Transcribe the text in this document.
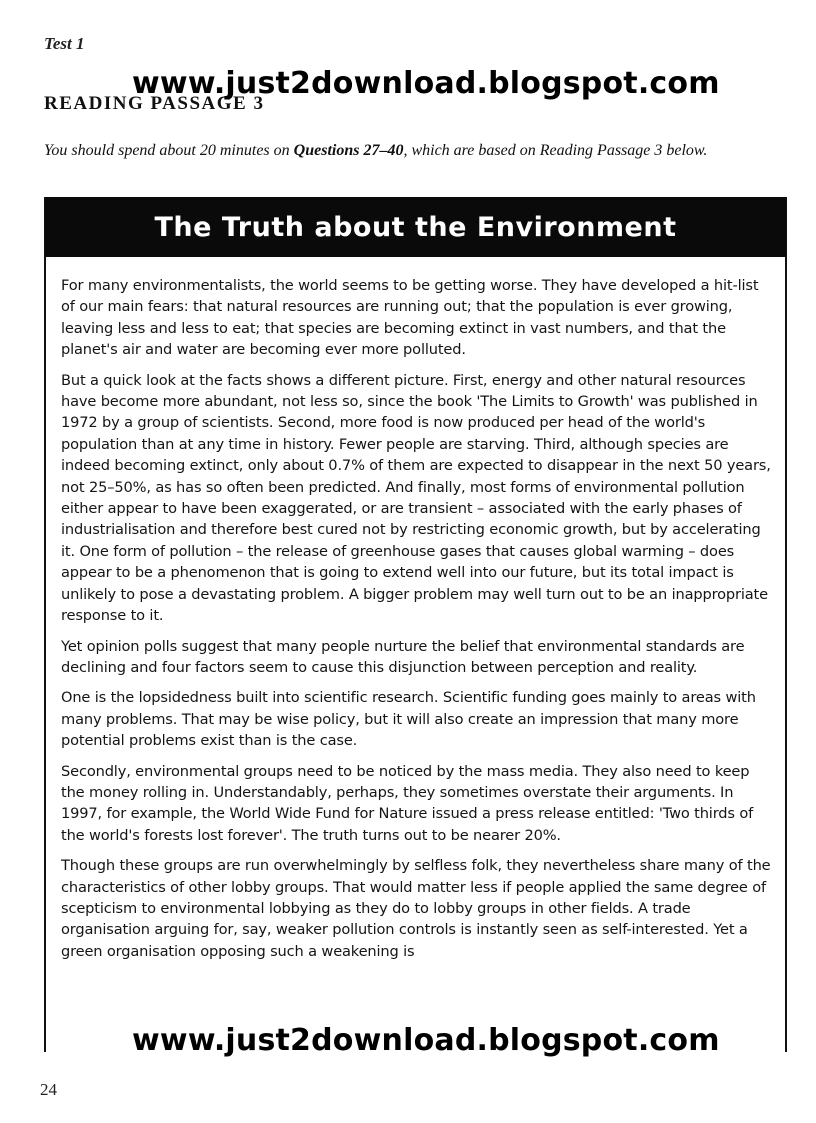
Test 1
READING PASSAGE 3
www.just2download.blogspot.com
You should spend about 20 minutes on Questions 27–40, which are based on Reading Passage 3 below.
The Truth about the Environment

For many environmentalists, the world seems to be getting worse. They have developed a hit-list of our main fears: that natural resources are running out; that the population is ever growing, leaving less and less to eat; that species are becoming extinct in vast numbers, and that the planet's air and water are becoming ever more polluted.

But a quick look at the facts shows a different picture. First, energy and other natural resources have become more abundant, not less so, since the book 'The Limits to Growth' was published in 1972 by a group of scientists. Second, more food is now produced per head of the world's population than at any time in history. Fewer people are starving. Third, although species are indeed becoming extinct, only about 0.7% of them are expected to disappear in the next 50 years, not 25–50%, as has so often been predicted. And finally, most forms of environmental pollution either appear to have been exaggerated, or are transient – associated with the early phases of industrialisation and therefore best cured not by restricting economic growth, but by accelerating it. One form of pollution – the release of greenhouse gases that causes global warming – does appear to be a phenomenon that is going to extend well into our future, but its total impact is unlikely to pose a devastating problem. A bigger problem may well turn out to be an inappropriate response to it.

Yet opinion polls suggest that many people nurture the belief that environmental standards are declining and four factors seem to cause this disjunction between perception and reality.

One is the lopsidedness built into scientific research. Scientific funding goes mainly to areas with many problems. That may be wise policy, but it will also create an impression that many more potential problems exist than is the case.

Secondly, environmental groups need to be noticed by the mass media. They also need to keep the money rolling in. Understandably, perhaps, they sometimes overstate their arguments. In 1997, for example, the World Wide Fund for Nature issued a press release entitled: 'Two thirds of the world's forests lost forever'. The truth turns out to be nearer 20%.

Though these groups are run overwhelmingly by selfless folk, they nevertheless share many of the characteristics of other lobby groups. That would matter less if people applied the same degree of scepticism to environmental lobbying as they do to lobby groups in other fields. A trade organisation arguing for, say, weaker pollution controls is instantly seen as self-interested. Yet a green organisation opposing such a weakening is

www.just2download.blogspot.com
24
